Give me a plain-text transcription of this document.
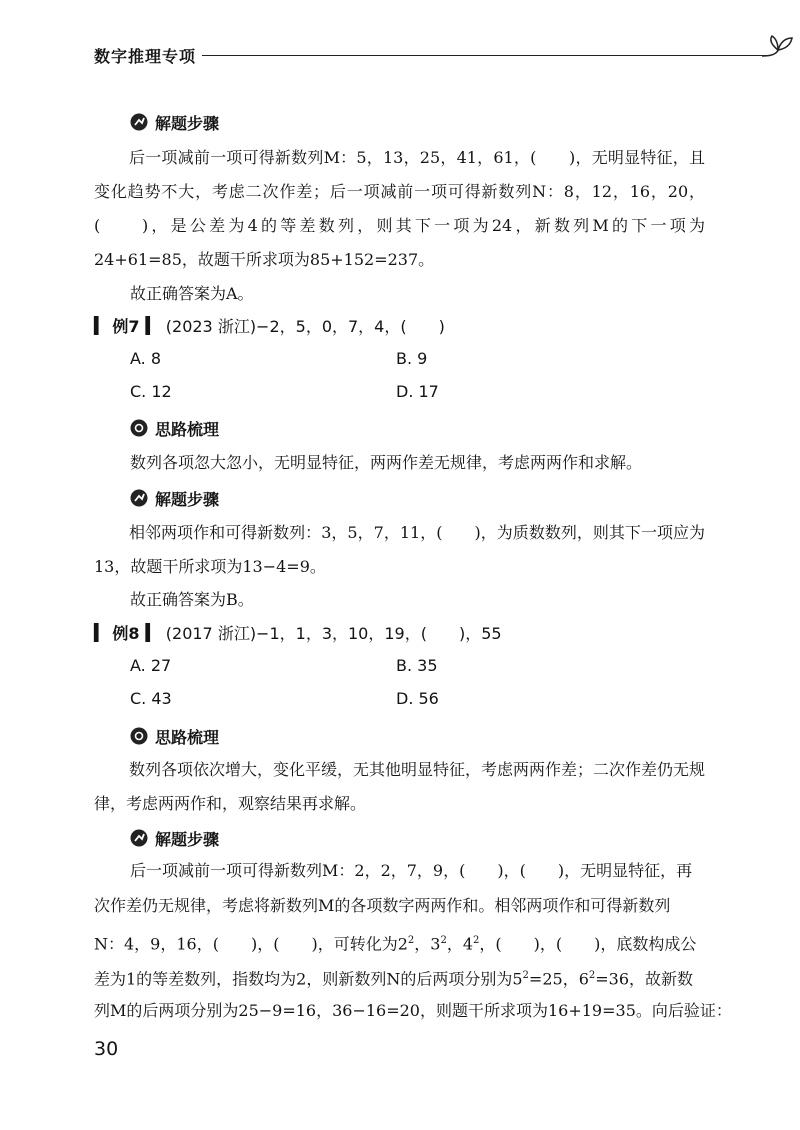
数字推理专项
解题步骤

后一项减前一项可得新数列M：5，13，25，41，61，(　　)，无明显特征，且变化趋势不大，考虑二次作差；后一项减前一项可得新数列N：8，12，16，20，(　　)，是公差为4的等差数列，则其下一项为24，新数列M的下一项为24+61=85，故题干所求项为85+152=237。

故正确答案为A。
▍ 例7 ▍ (2023 浙江)−2，5，0，7，4，(　　)
A. 8	B. 9
C. 12	D. 17
思路梳理
数列各项忽大忽小，无明显特征，两两作差无规律，考虑两两作和求解。
解题步骤

相邻两项作和可得新数列：3，5，7，11，(　　)，为质数数列，则其下一项应为13，故题干所求项为13−4=9。

故正确答案为B。
▍ 例8 ▍ (2017 浙江)−1，1，3，10，19，(　　)，55
A. 27	B. 35
C. 43	D. 56
思路梳理

数列各项依次增大，变化平缓，无其他明显特征，考虑两两作差；二次作差仍无规律，考虑两两作和，观察结果再求解。

解题步骤
后一项减前一项可得新数列M：2，2，7，9，(　　)，(　　)，无明显特征，再
次作差仍无规律，考虑将新数列M的各项数字两两作和。相邻两项作和可得新数列
N：4，9，16，(　　)，(　　)，可转化为$2^2$，$3^2$，$4^2$，(　　)，(　　)，底数构成公
差为1的等差数列，指数均为2，则新数列N的后两项分别为$5^2=25$，$6^2=36$，故新数
列M的后两项分别为25−9=16，36−16=20，则题干所求项为16+19=35。向后验证：
30
